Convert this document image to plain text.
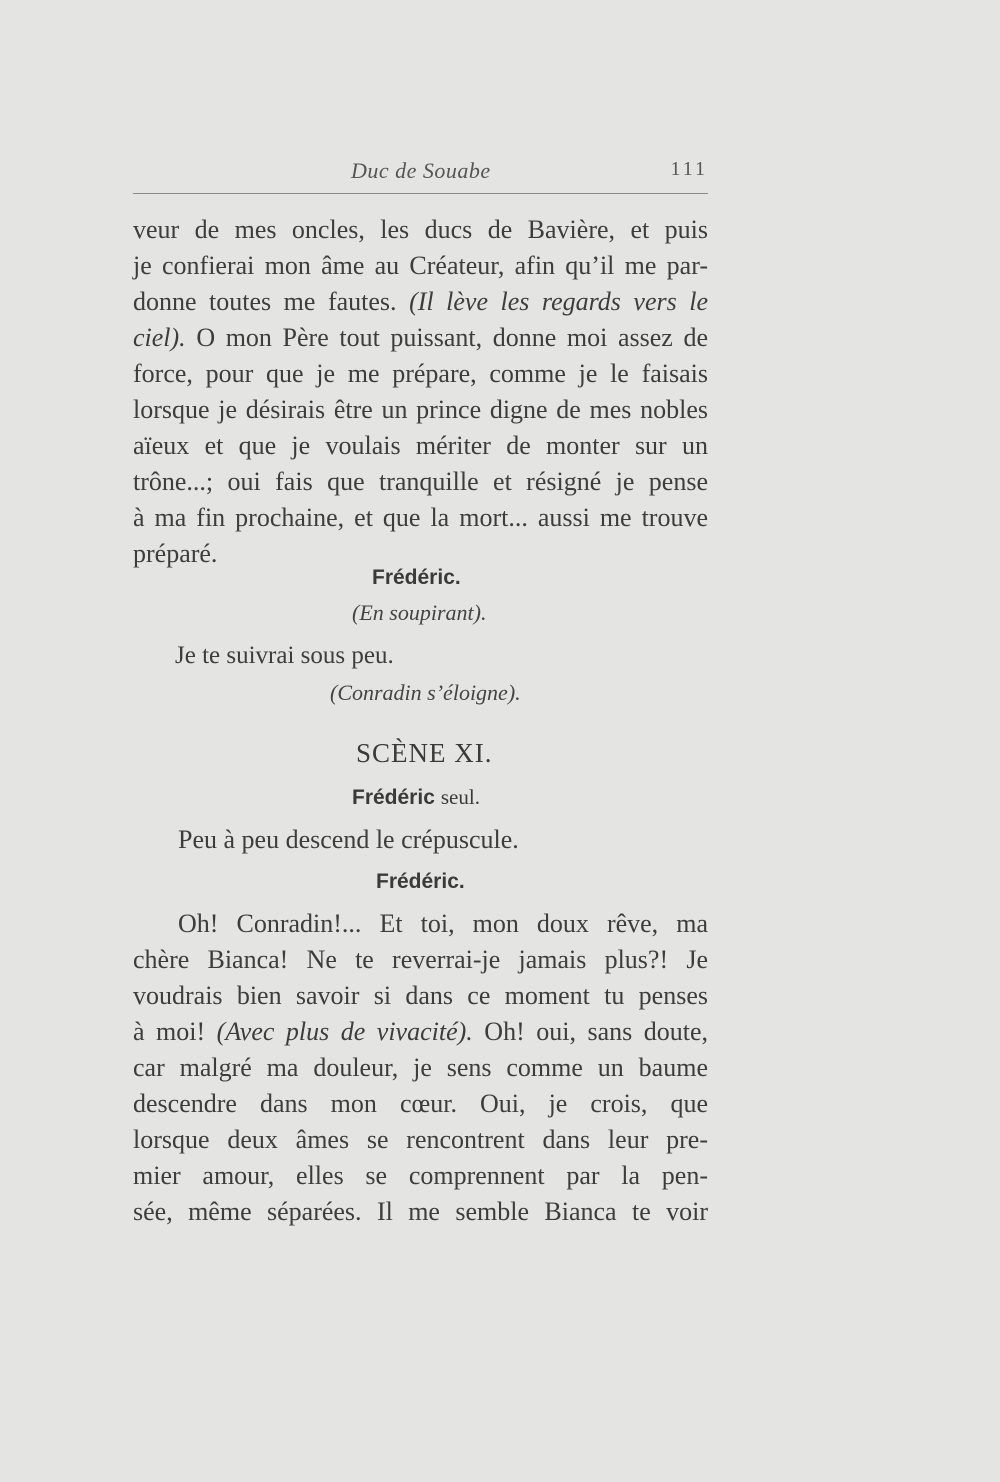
Duc de Souabe	111
veur de mes oncles, les ducs de Bavière, et puis
je confierai mon âme au Créateur, afin qu’il me par-
donne toutes me fautes. (Il lève les regards vers le
ciel). O mon Père tout puissant, donne moi assez de
force, pour que je me prépare, comme je le faisais
lorsque je désirais être un prince digne de mes nobles
aïeux et que je voulais mériter de monter sur un
trône...; oui fais que tranquille et résigné je pense
à ma fin prochaine, et que la mort... aussi me trouve
préparé.
Frédéric.
(En soupirant).
Je te suivrai sous peu.
(Conradin s’éloigne).
SCÈNE XI.
Frédéric seul.
Peu à peu descend le crépuscule.
Frédéric.
Oh! Conradin!... Et toi, mon doux rêve, ma
chère Bianca! Ne te reverrai-je jamais plus?! Je
voudrais bien savoir si dans ce moment tu penses
à moi! (Avec plus de vivacité). Oh! oui, sans doute,
car malgré ma douleur, je sens comme un baume
descendre dans mon cœur. Oui, je crois, que
lorsque deux âmes se rencontrent dans leur pre-
mier amour, elles se comprennent par la pen-
sée, même séparées. Il me semble Bianca te voir
